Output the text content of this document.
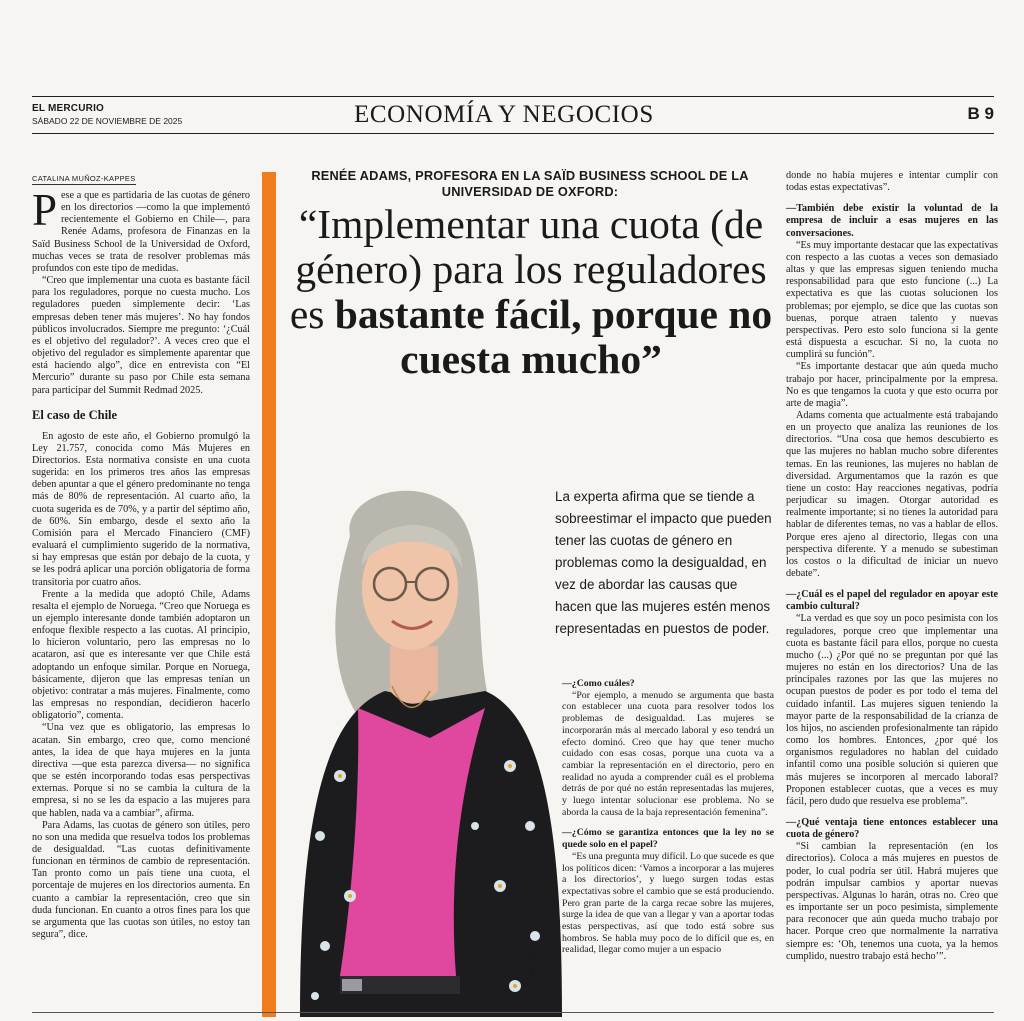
EL MERCURIO
SÁBADO 22 DE NOVIEMBRE DE 2025	ECONOMÍA Y NEGOCIOS	B 9
CATALINA MUÑOZ-KAPPES

Pese a que es partidaria de las cuotas de género en los directorios —como la que implementó recientemente el Gobierno en Chile—, para Renée Adams, profesora de Finanzas en la Saïd Business School de la Universidad de Oxford, muchas veces se trata de resolver problemas más profundos con este tipo de medidas.

“Creo que implementar una cuota es bastante fácil para los reguladores, porque no cuesta mucho. Los reguladores pueden simplemente decir: ‘Las empresas deben tener más mujeres’. No hay fondos públicos involucrados. Siempre me pregunto: ‘¿Cuál es el objetivo del regulador?’. A veces creo que el objetivo del regulador es simplemente aparentar que está haciendo algo”, dice en entrevista con “El Mercurio” durante su paso por Chile esta semana para participar del Summit Redmad 2025.

El caso de Chile

En agosto de este año, el Gobierno promulgó la Ley 21.757, conocida como Más Mujeres en Directorios. Esta normativa consiste en una cuota sugerida: en los primeros tres años las empresas deben apuntar a que el género predominante no tenga más de 80% de representación. Al cuarto año, la cuota sugerida es de 70%, y a partir del séptimo año, de 60%. Sin embargo, desde el sexto año la Comisión para el Mercado Financiero (CMF) evaluará el cumplimiento sugerido de la normativa, si hay empresas que están por debajo de la cuota, y se les podrá aplicar una porción obligatoria de forma transitoria por cuatro años.

Frente a la medida que adoptó Chile, Adams resalta el ejemplo de Noruega. “Creo que Noruega es un ejemplo interesante donde también adoptaron un enfoque flexible respecto a las cuotas. Al principio, lo hicieron voluntario, pero las empresas no lo acataron, así que es interesante ver que Chile está adoptando un enfoque similar. Porque en Noruega, básicamente, dijeron que las empresas tenían un objetivo: contratar a más mujeres. Finalmente, como las empresas no respondían, decidieron hacerlo obligatorio”, comenta.

“Una vez que es obligatorio, las empresas lo acatan. Sin embargo, creo que, como mencioné antes, la idea de que haya mujeres en la junta directiva —que esta parezca diversa— no significa que se estén incorporando todas esas perspectivas externas. Porque si no se cambia la cultura de la empresa, si no se les da espacio a las mujeres para que hablen, nada va a cambiar”, afirma.

Para Adams, las cuotas de género son útiles, pero no son una medida que resuelva todos los problemas de desigualdad. “Las cuotas definitivamente funcionan en términos de cambio de representación. Tan pronto como un país tiene una cuota, el porcentaje de mujeres en los directorios aumenta. En cuanto a cambiar la representación, creo que sin duda funcionan. En cuanto a otros fines para los que se argumenta que las cuotas son útiles, no estoy tan segura”, dice.

RENÉE ADAMS, PROFESORA EN LA SAÏD BUSINESS SCHOOL DE LA UNIVERSIDAD DE OXFORD:
“Implementar una cuota (de género) para los reguladores es bastante fácil, porque no cuesta mucho”
FELIPE BÁEZ
La experta afirma que se tiende a sobreestimar el impacto que pueden tener las cuotas de género en problemas como la desigualdad, en vez de abordar las causas que hacen que las mujeres estén menos representadas en puestos de poder.

—¿Como cuáles?

“Por ejemplo, a menudo se argumenta que basta con establecer una cuota para resolver todos los problemas de desigualdad. Las mujeres se incorporarán más al mercado laboral y eso tendrá un efecto dominó. Creo que hay que tener mucho cuidado con esas cosas, porque una cuota va a cambiar la representación en el directorio, pero en realidad no ayuda a comprender cuál es el problema detrás de por qué no están representadas las mujeres, y luego intentar solucionar ese problema. No se aborda la causa de la baja representación femenina”.

—¿Cómo se garantiza entonces que la ley no se quede solo en el papel?

“Es una pregunta muy difícil. Lo que sucede es que los políticos dicen: ‘Vamos a incorporar a las mujeres a los directorios’, y luego surgen todas estas expectativas sobre el cambio que se está produciendo. Pero gran parte de la carga recae sobre las mujeres, surge la idea de que van a llegar y van a aportar todas estas perspectivas, así que todo está sobre sus hombros. Se habla muy poco de lo difícil que es, en realidad, llegar como mujer a un espacio

donde no había mujeres e intentar cumplir con todas estas expectativas”.

—También debe existir la voluntad de la empresa de incluir a esas mujeres en las conversaciones.

“Es muy importante destacar que las expectativas con respecto a las cuotas a veces son demasiado altas y que las empresas siguen teniendo mucha responsabilidad para que esto funcione (...) La expectativa es que las cuotas solucionen los problemas; por ejemplo, se dice que las cuotas son buenas, porque atraen talento y nuevas perspectivas. Pero esto solo funciona si la gente está dispuesta a escuchar. Si no, la cuota no cumplirá su función”.

“Es importante destacar que aún queda mucho trabajo por hacer, principalmente por la empresa. No es que tengamos la cuota y que esto ocurra por arte de magia”.

Adams comenta que actualmente está trabajando en un proyecto que analiza las reuniones de los directorios. “Una cosa que hemos descubierto es que las mujeres no hablan mucho sobre diferentes temas. En las reuniones, las mujeres no hablan de diversidad. Argumentamos que la razón es que tiene un costo: Hay reacciones negativas, podría perjudicar su imagen. Otorgar autoridad es realmente importante; si no tienes la autoridad para hablar de diferentes temas, no vas a hablar de ellos. Porque eres ajeno al directorio, llegas con una perspectiva diferente. Y a menudo se subestiman los costos o la dificultad de iniciar un nuevo debate”.

—¿Cuál es el papel del regulador en apoyar este cambio cultural?

“La verdad es que soy un poco pesimista con los reguladores, porque creo que implementar una cuota es bastante fácil para ellos, porque no cuesta mucho (...) ¿Por qué no se preguntan por qué las mujeres no están en los directorios? Una de las principales razones por las que las mujeres no ocupan puestos de poder es por todo el tema del cuidado infantil. Las mujeres siguen teniendo la mayor parte de la responsabilidad de la crianza de los hijos, no ascienden profesionalmente tan rápido como los hombres. Entonces, ¿por qué los organismos reguladores no hablan del cuidado infantil como una posible solución si quieren que más mujeres se incorporen al mercado laboral? Proponen establecer cuotas, que a veces es muy fácil, pero dudo que resuelva ese problema”.

—¿Qué ventaja tiene entonces establecer una cuota de género?

“Si cambian la representación (en los directorios). Coloca a más mujeres en puestos de poder, lo cual podría ser útil. Habrá mujeres que podrán impulsar cambios y aportar nuevas perspectivas. Algunas lo harán, otras no. Creo que es importante ser un poco pesimista, simplemente para reconocer que aún queda mucho trabajo por hacer. Porque creo que normalmente la narrativa siempre es: ‘Oh, tenemos una cuota, ya la hemos cumplido, nuestro trabajo está hecho’”.
